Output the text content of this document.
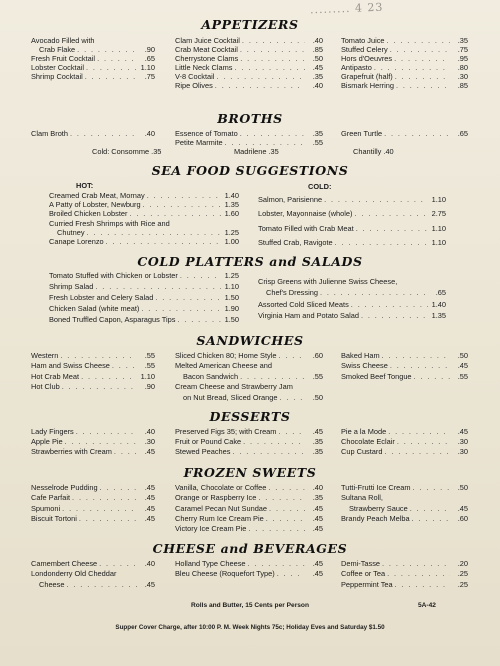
......... 4 23
APPETIZERS
Avocado Filled with
Crab Flake . . .	.90
Fresh Fruit Cocktail . . .	.65
Lobster Cocktail . . .	1.10
Shrimp Cocktail . . .	.75
Clam Juice Cocktail . . .	.40
Crab Meat Cocktail . . .	.85
Cherrystone Clams . . .	.50
Little Neck Clams . . .	.45
V-8 Cocktail . . .	.35
Ripe Olives . . .	.40
Tomato Juice . . .	.35
Stuffed Celery . . .	.75
Hors d'Oeuvres . . .	.95
Antipasto . . .	.80
Grapefruit (half) . . .	.30
Bismark Herring . . .	.85
BROTHS
Clam Broth . . .	.40	Essence of Tomato . . .	.35
Petite Marmite . . .	.55
Green Turtle . . .	.65
Cold: Consomme .35	Madrilene .35	Chantilly .40
SEA FOOD SUGGESTIONS
HOT:	COLD:
Creamed Crab Meat, Mornay . . .	1.40
A Patty of Lobster, Newburg . . .	1.35
Broiled Chicken Lobster . . .	1.60
Curried Fresh Shrimps with Rice and
Chutney . . .	1.25
Canape Lorenzo . . .	1.00
Salmon, Parisienne . . .	1.10
Lobster, Mayonnaise (whole) . . .	2.75
Tomato Filled with Crab Meat . . .	1.10
Stuffed Crab, Ravigote . . .	1.10
COLD PLATTERS and SALADS
Tomato Stuffed with Chicken or Lobster . . .	1.25
Shrimp Salad . . .	1.10
Fresh Lobster and Celery Salad . . .	1.50
Chicken Salad (white meat) . . .	1.90
Boned Truffled Capon, Asparagus Tips . . .	1.50
Crisp Greens with Julienne Swiss Cheese,
Chef's Dressing . . .	.65
Assorted Cold Sliced Meats . . .	1.40
Virginia Ham and Potato Salad . . .	1.35
SANDWICHES
Western . . .	.55
Ham and Swiss Cheese . . .	.55
Hot Crab Meat . . .	1.10
Hot Club . . .	.90
Sliced Chicken 80; Home Style . . .	.60
Melted American Cheese and
Bacon Sandwich . . .	.55
Cream Cheese and Strawberry Jam
on Nut Bread, Sliced Orange . . .	.50
Baked Ham . . .	.50
Swiss Cheese . . .	.45
Smoked Beef Tongue . . .	.55
DESSERTS
Lady Fingers . . .	.40
Apple Pie . . .	.30
Strawberries with Cream . . .	.45
Preserved Figs 35; with Cream . . .	.45
Fruit or Pound Cake . . .	.35
Stewed Peaches . . .	.35
Pie a la Mode . . .	.45
Chocolate Eclair . . .	.30
Cup Custard . . .	.30
FROZEN SWEETS
Nesselrode Pudding . . .	.45
Cafe Parfait . . .	.45
Spumoni . . .	.45
Biscuit Tortoni . . .	.45
Vanilla, Chocolate or Coffee . . .	.40
Orange or Raspberry Ice . . .	.35
Caramel Pecan Nut Sundae . . .	.45
Cherry Rum Ice Cream Pie . . .	.45
Victory Ice Cream Pie . . .	.45
Tutti-Frutti Ice Cream . . .	.50
Sultana Roll,
Strawberry Sauce . . .	.45
Brandy Peach Melba . . .	.60
CHEESE and BEVERAGES
Camembert Cheese . . .	.40
Londonderry Old Cheddar
Cheese . . .	.45
Holland Type Cheese . . .	.45
Bleu Cheese (Roquefort Type) . . .	.45
Demi-Tasse . . .	.20
Coffee or Tea . . .	.25
Peppermint Tea . . .	.25
Rolls and Butter, 15 Cents per Person	5A-42
Supper Cover Charge, after 10:00 P. M. Week Nights 75c; Holiday Eves and Saturday $1.50
